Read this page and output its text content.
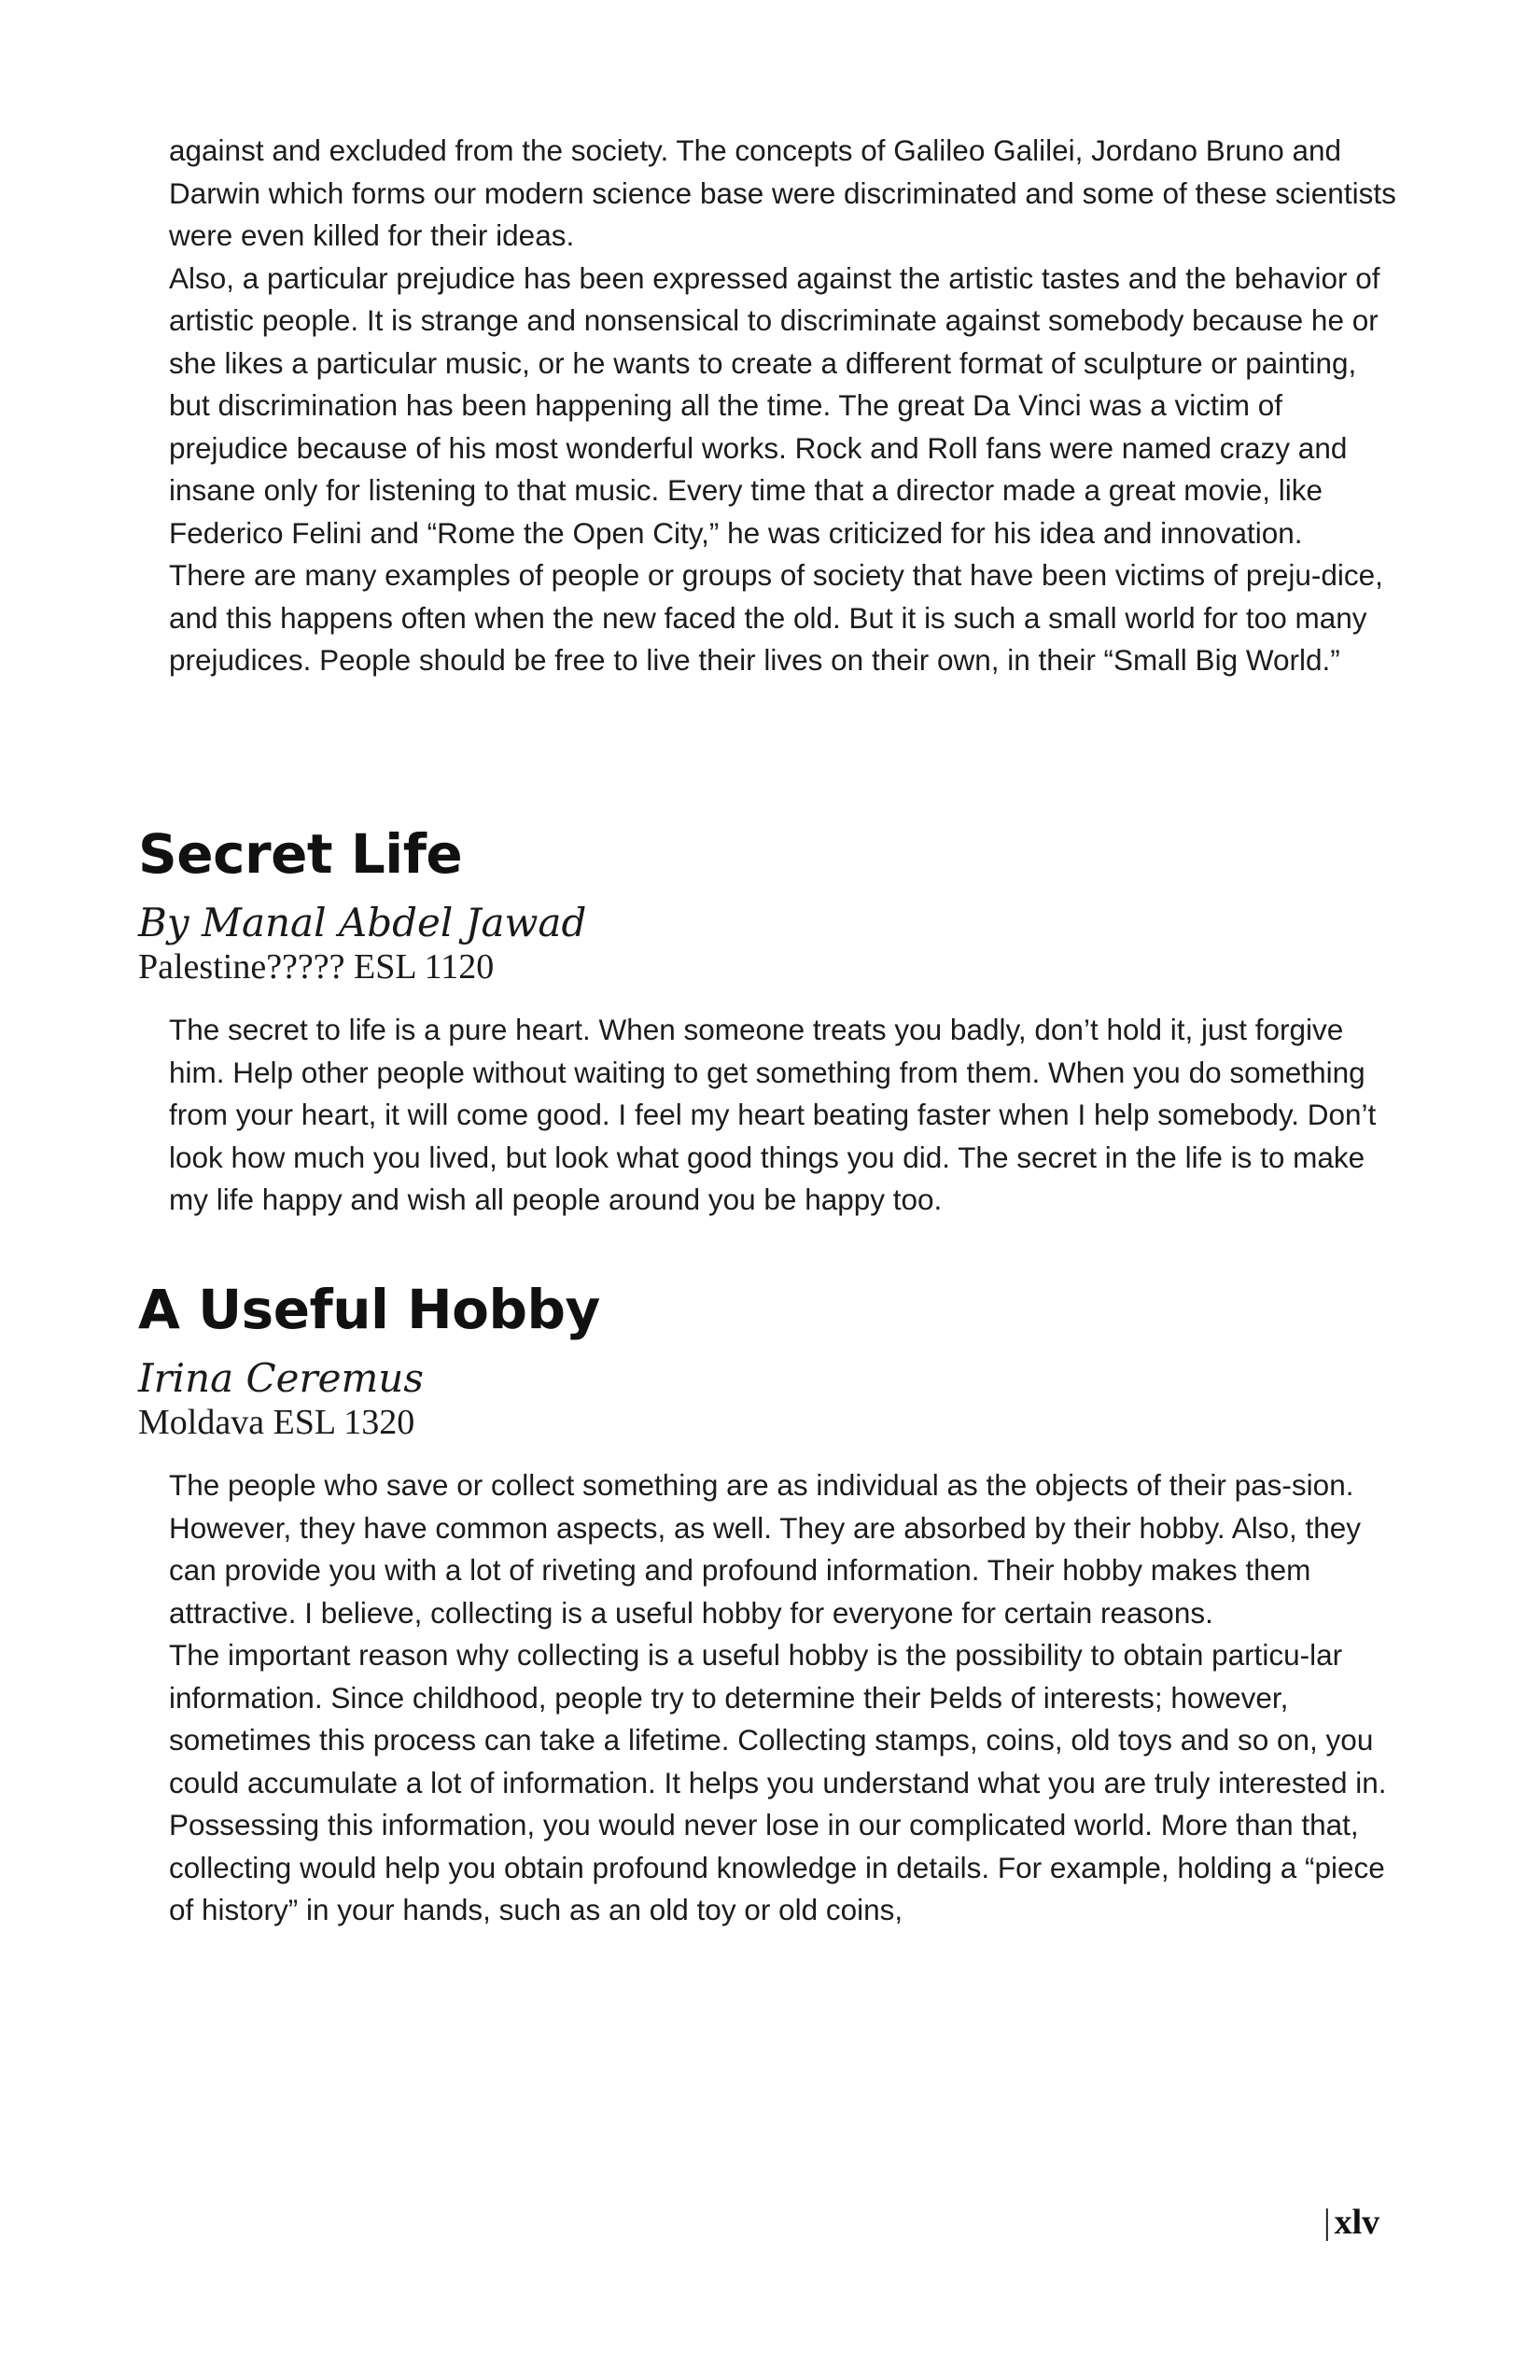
against and excluded from the society. The concepts of Galileo Galilei, Jordano Bruno and Darwin which forms our modern science base were discriminated and some of these scientists were even killed for their ideas.

Also, a particular prejudice has been expressed against the artistic tastes and the behavior of artistic people. It is strange and nonsensical to discriminate against somebody because he or she likes a particular music, or he wants to create a different format of sculpture or painting, but discrimination has been happening all the time. The great Da Vinci was a victim of prejudice because of his most wonderful works. Rock and Roll fans were named crazy and insane only for listening to that music. Every time that a director made a great movie, like Federico Felini and “Rome the Open City,” he was criticized for his idea and innovation.

There are many examples of people or groups of society that have been victims of preju-dice, and this happens often when the new faced the old. But it is such a small world for too many prejudices. People should be free to live their lives on their own, in their “Small Big World.”

Secret Life

By Manal Abdel Jawad

Palestine????? ESL 1120

The secret to life is a pure heart. When someone treats you badly, don’t hold it, just forgive him. Help other people without waiting to get something from them. When you do something from your heart, it will come good. I feel my heart beating faster when I help somebody. Don’t look how much you lived, but look what good things you did. The secret in the life is to make my life happy and wish all people around you be happy too.

A Useful Hobby

Irina Ceremus

Moldava ESL 1320

The people who save or collect something are as individual as the objects of their pas-sion. However, they have common aspects, as well. They are absorbed by their hobby. Also, they can provide you with a lot of riveting and profound information. Their hobby makes them attractive. I believe, collecting is a useful hobby for everyone for certain reasons.

The important reason why collecting is a useful hobby is the possibility to obtain particu-lar information. Since childhood, people try to determine their Þelds of interests; however, sometimes this process can take a lifetime. Collecting stamps, coins, old toys and so on, you could accumulate a lot of information. It helps you understand what you are truly interested in. Possessing this information, you would never lose in our complicated world. More than that, collecting would help you obtain profound knowledge in details. For example, holding a “piece of history” in your hands, such as an old toy or old coins,

| xlv
